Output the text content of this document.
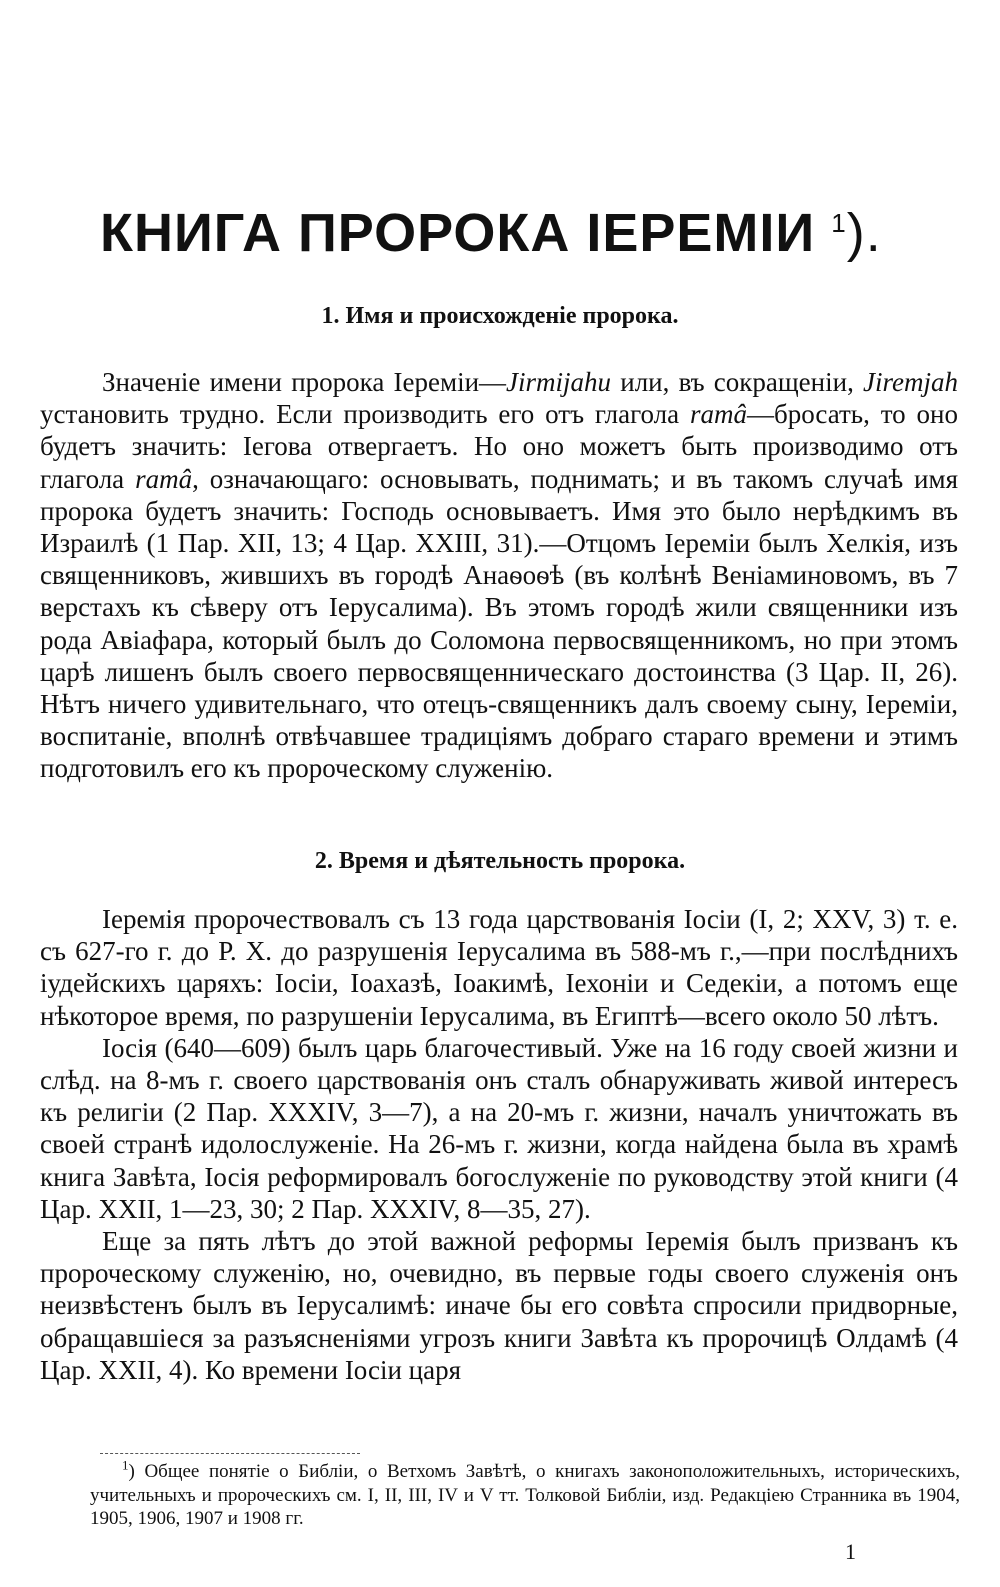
КНИГА ПРОРОКА ІЕРЕМІИ $^1$).
1. Имя и происхожденіе пророка.

Значеніе имени пророка Іереміи—Jirmijahu или, въ сокращеніи, Jiremjah установить трудно. Если производить его отъ глагола ramâ—бросать, то оно будетъ значить: Іегова отвергаетъ. Но оно можетъ быть производимо отъ глагола ramâ, означающаго: основывать, поднимать; и въ такомъ случаѣ имя пророка будетъ значить: Господь основываетъ. Имя это было нерѣдкимъ въ Израилѣ (1 Пар. XII, 13; 4 Цар. XXIII, 31).—Отцомъ Іереміи былъ Хелкія, изъ священниковъ, жившихъ въ городѣ Анаѳоѳѣ (въ колѣнѣ Веніаминовомъ, въ 7 верстахъ къ сѣверу отъ Іерусалима). Въ этомъ городѣ жили священники изъ рода Авіафара, который былъ до Соломона первосвященникомъ, но при этомъ царѣ лишенъ былъ своего первосвященническаго достоинства (3 Цар. II, 26). Нѣтъ ничего удивительнаго, что отецъ-священникъ далъ своему сыну, Іереміи, воспитаніе, вполнѣ отвѣчавшее традиціямъ добраго стараго времени и этимъ подготовилъ его къ пророческому служенію.

2. Время и дѣятельность пророка.

Іеремія пророчествовалъ съ 13 года царствованія Іосіи (I, 2; XXV, 3) т. е. съ 627-го г. до Р. Х. до разрушенія Іерусалима въ 588-мъ г.,—при послѣднихъ іудейскихъ царяхъ: Іосіи, Іоахазѣ, Іоакимѣ, Іехоніи и Седекіи, а потомъ еще нѣкоторое время, по разрушеніи Іерусалима, въ Египтѣ—всего около 50 лѣтъ.

Іосія (640—609) былъ царь благочестивый. Уже на 16 году своей жизни и слѣд. на 8-мъ г. своего царствованія онъ сталъ обнаруживать живой интересъ къ религіи (2 Пар. XXXIV, 3—7), а на 20-мъ г. жизни, началъ уничтожать въ своей странѣ идолослуженіе. На 26-мъ г. жизни, когда найдена была въ храмѣ книга Завѣта, Іосія реформировалъ богослуженіе по руководству этой книги (4 Цар. XXII, 1—23, 30; 2 Пар. XXXIV, 8—35, 27).

Еще за пять лѣтъ до этой важной реформы Іеремія былъ призванъ къ пророческому служенію, но, очевидно, въ первые годы своего служенія онъ неизвѣстенъ былъ въ Іерусалимѣ: иначе бы его совѣта спросили придворные, обращавшіеся за разъясненіями угрозъ книги Завѣта къ пророчицѣ Олдамѣ (4 Цар. XXII, 4). Ко времени Іосіи царя

$^1$) Общее понятіе о Библіи, о Ветхомъ Завѣтѣ, о книгахъ законоположительныхъ, историческихъ, учительныхъ и пророческихъ см. I, II, III, IV и V тт. Толковой Библіи, изд. Редакціею Странника въ 1904, 1905, 1906, 1907 и 1908 гг.

1
